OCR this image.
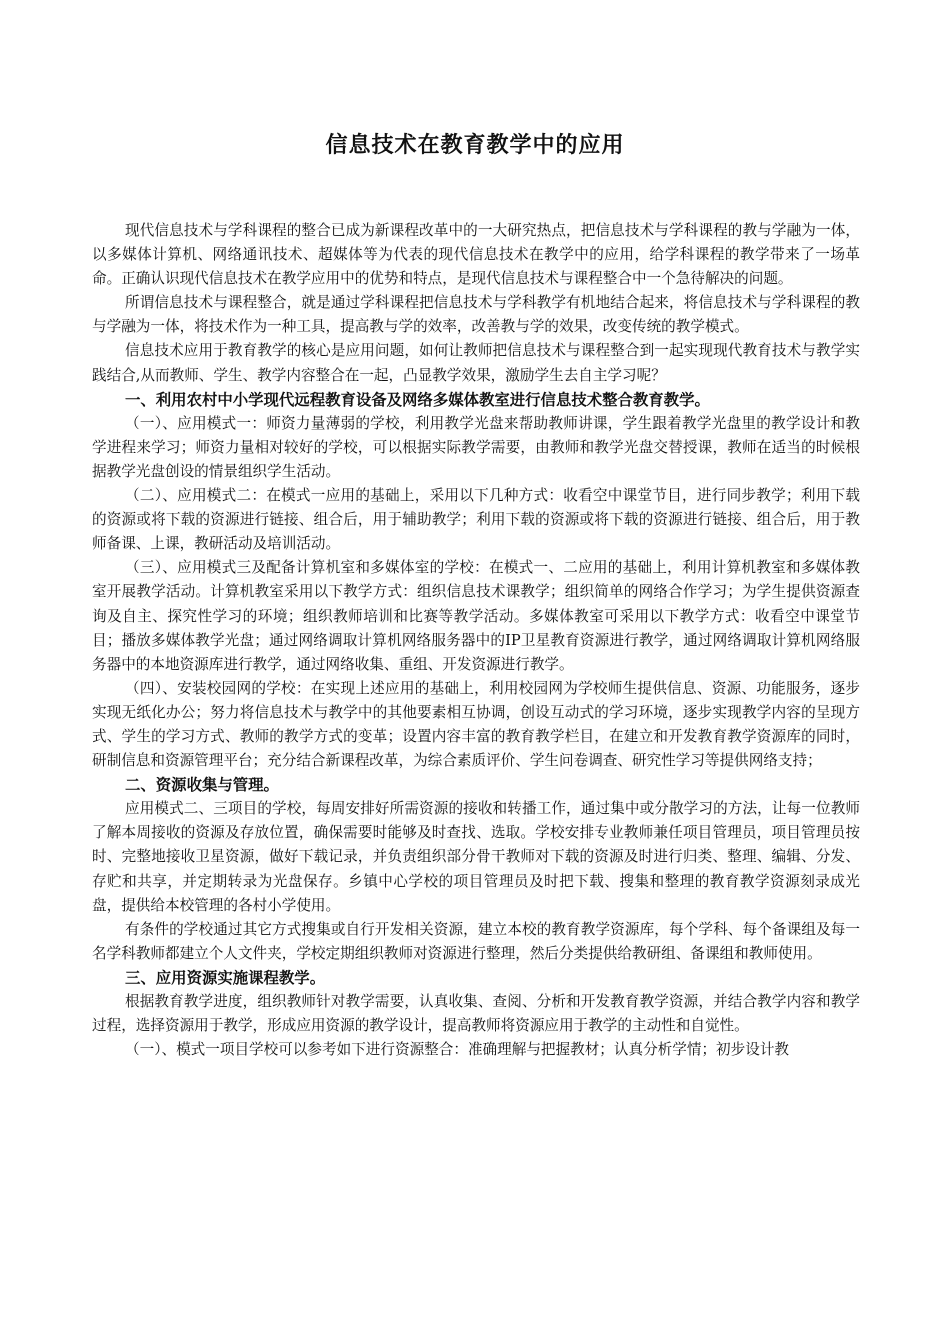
信息技术在教育教学中的应用

现代信息技术与学科课程的整合已成为新课程改革中的一大研究热点，把信息技术与学科课程的教与学融为一体，以多媒体计算机、网络通讯技术、超媒体等为代表的现代信息技术在教学中的应用，给学科课程的教学带来了一场革命。正确认识现代信息技术在教学应用中的优势和特点，是现代信息技术与课程整合中一个急待解决的问题。

所谓信息技术与课程整合，就是通过学科课程把信息技术与学科教学有机地结合起来，将信息技术与学科课程的教与学融为一体，将技术作为一种工具，提高教与学的效率，改善教与学的效果，改变传统的教学模式。

信息技术应用于教育教学的核心是应用问题，如何让教师把信息技术与课程整合到一起实现现代教育技术与教学实践结合,从而教师、学生、教学内容整合在一起，凸显教学效果，激励学生去自主学习呢？

一、利用农村中小学现代远程教育设备及网络多媒体教室进行信息技术整合教育教学。

（一）、应用模式一：师资力量薄弱的学校，利用教学光盘来帮助教师讲课，学生跟着教学光盘里的教学设计和教学进程来学习；师资力量相对较好的学校，可以根据实际教学需要，由教师和教学光盘交替授课，教师在适当的时候根据教学光盘创设的情景组织学生活动。

（二）、应用模式二：在模式一应用的基础上，采用以下几种方式：收看空中课堂节目，进行同步教学；利用下载的资源或将下载的资源进行链接、组合后，用于辅助教学；利用下载的资源或将下载的资源进行链接、组合后，用于教师备课、上课，教研活动及培训活动。

（三）、应用模式三及配备计算机室和多媒体室的学校：在模式一、二应用的基础上，利用计算机教室和多媒体教室开展教学活动。计算机教室采用以下教学方式：组织信息技术课教学；组织简单的网络合作学习；为学生提供资源查询及自主、探究性学习的环境；组织教师培训和比赛等教学活动。多媒体教室可采用以下教学方式：收看空中课堂节目；播放多媒体教学光盘；通过网络调取计算机网络服务器中的IP卫星教育资源进行教学，通过网络调取计算机网络服务器中的本地资源库进行教学，通过网络收集、重组、开发资源进行教学。

（四）、安装校园网的学校：在实现上述应用的基础上，利用校园网为学校师生提供信息、资源、功能服务，逐步实现无纸化办公；努力将信息技术与教学中的其他要素相互协调，创设互动式的学习环境，逐步实现教学内容的呈现方式、学生的学习方式、教师的教学方式的变革；设置内容丰富的教育教学栏目，在建立和开发教育教学资源库的同时，研制信息和资源管理平台；充分结合新课程改革，为综合素质评价、学生问卷调查、研究性学习等提供网络支持；

二、资源收集与管理。

应用模式二、三项目的学校，每周安排好所需资源的接收和转播工作，通过集中或分散学习的方法，让每一位教师了解本周接收的资源及存放位置，确保需要时能够及时查找、选取。学校安排专业教师兼任项目管理员，项目管理员按时、完整地接收卫星资源，做好下载记录，并负责组织部分骨干教师对下载的资源及时进行归类、整理、编辑、分发、存贮和共享，并定期转录为光盘保存。乡镇中心学校的项目管理员及时把下载、搜集和整理的教育教学资源刻录成光盘，提供给本校管理的各村小学使用。

有条件的学校通过其它方式搜集或自行开发相关资源，建立本校的教育教学资源库，每个学科、每个备课组及每一名学科教师都建立个人文件夹，学校定期组织教师对资源进行整理，然后分类提供给教研组、备课组和教师使用。

三、应用资源实施课程教学。

根据教育教学进度，组织教师针对教学需要，认真收集、查阅、分析和开发教育教学资源，并结合教学内容和教学过程，选择资源用于教学，形成应用资源的教学设计，提高教师将资源应用于教学的主动性和自觉性。

（一）、模式一项目学校可以参考如下进行资源整合：准确理解与把握教材；认真分析学情；初步设计教
